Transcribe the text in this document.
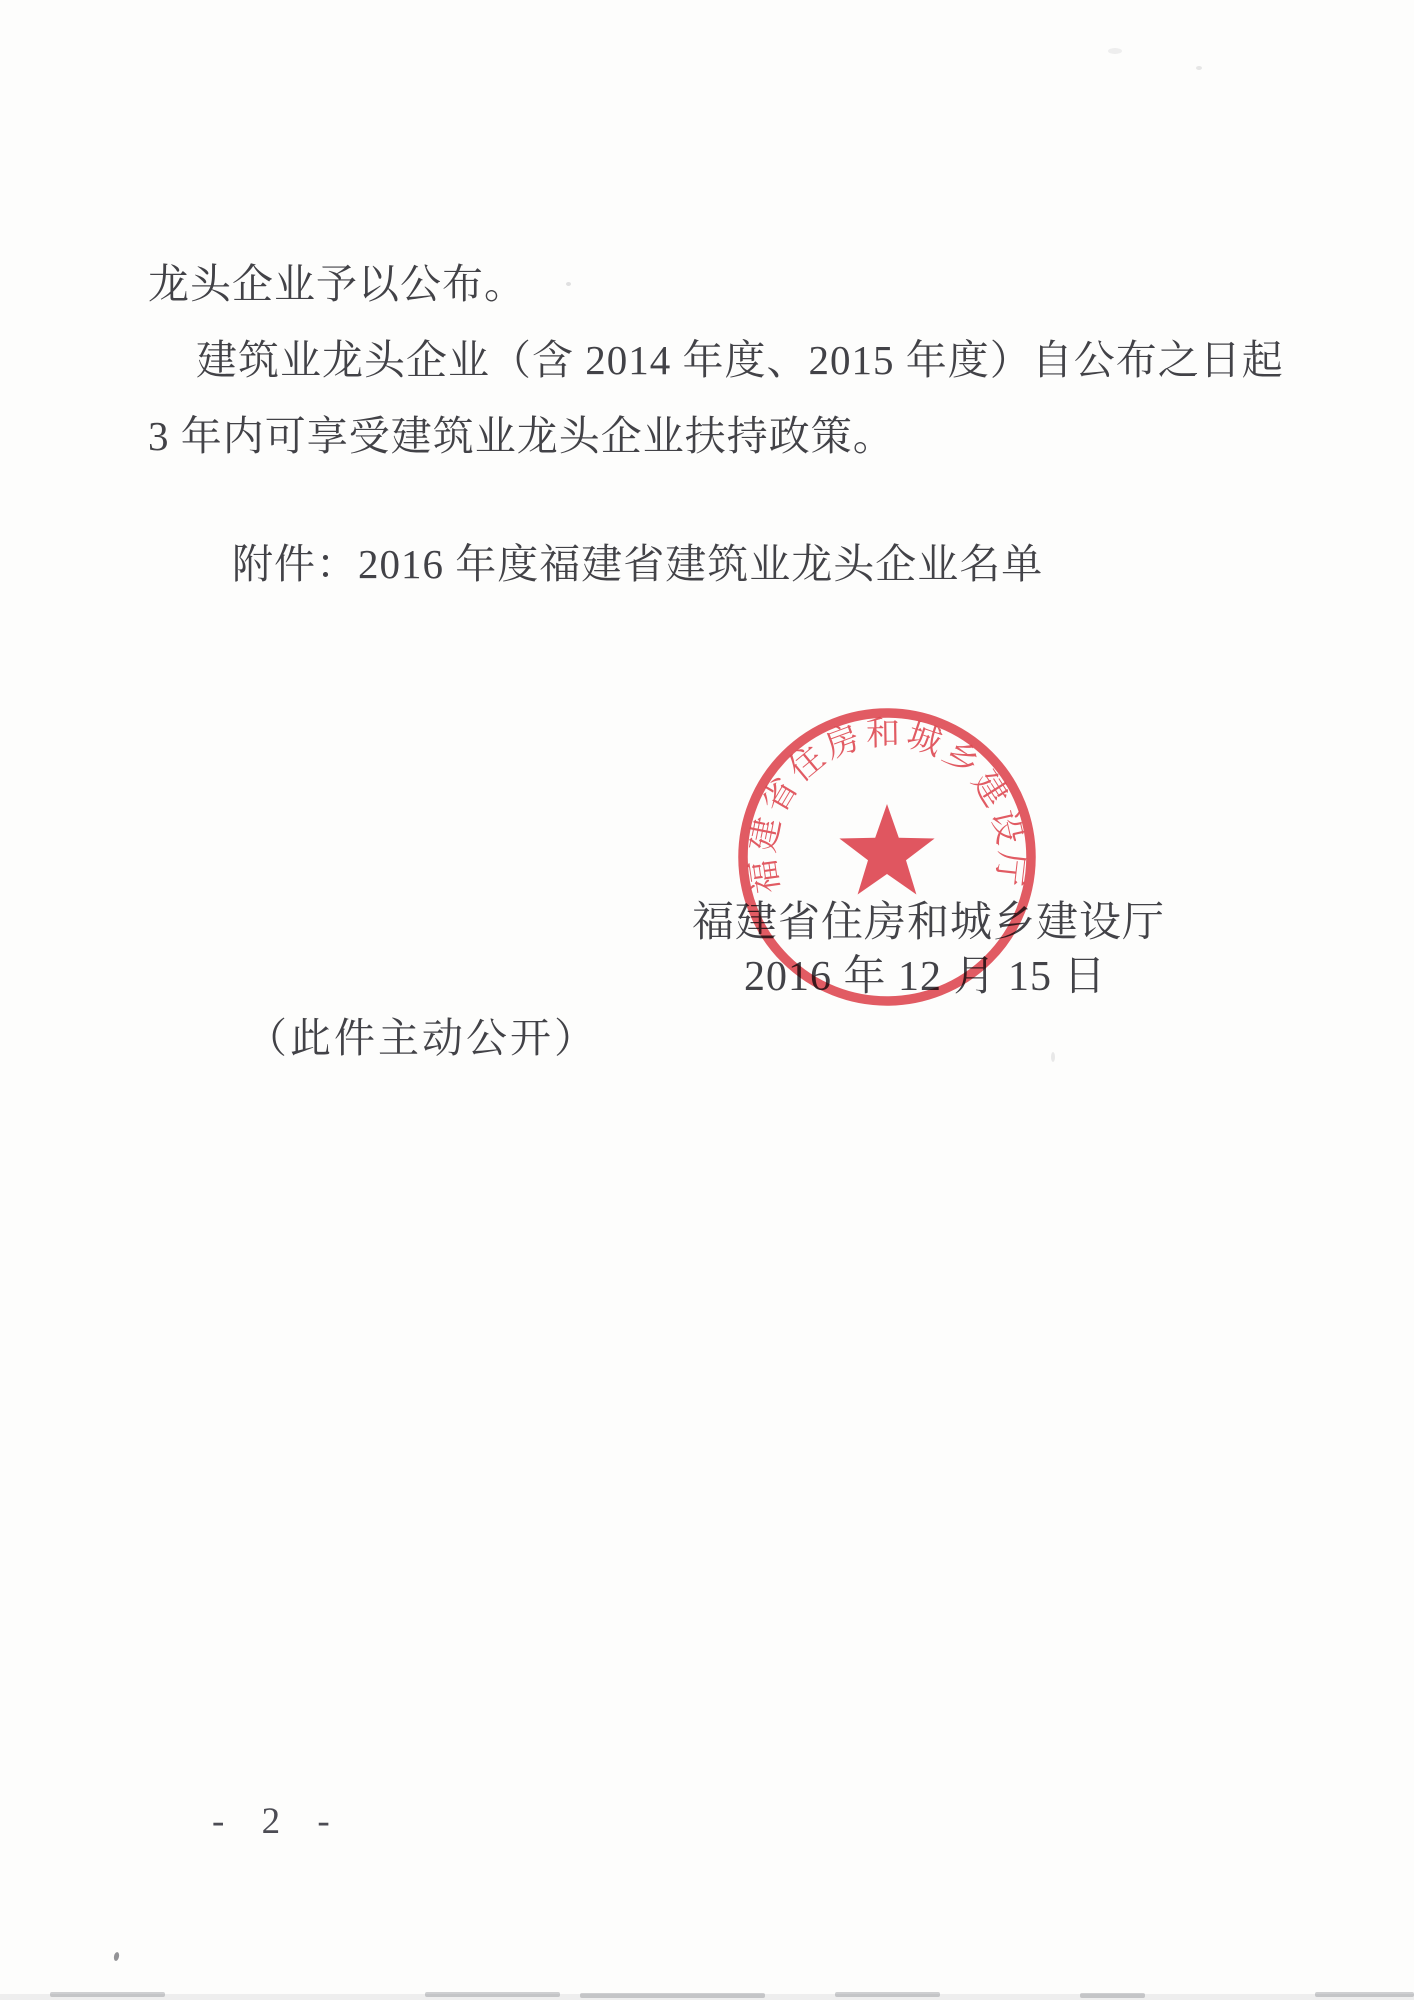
龙头企业予以公布。
建筑业龙头企业（含 2014 年度、2015 年度）自公布之日起
3 年内可享受建筑业龙头企业扶持政策。
附件：2016 年度福建省建筑业龙头企业名单
福建省住房和城乡建设厅
2016 年 12 月 15 日
（此件主动公开）
福建省住房和城乡建设厅
- 2 -
